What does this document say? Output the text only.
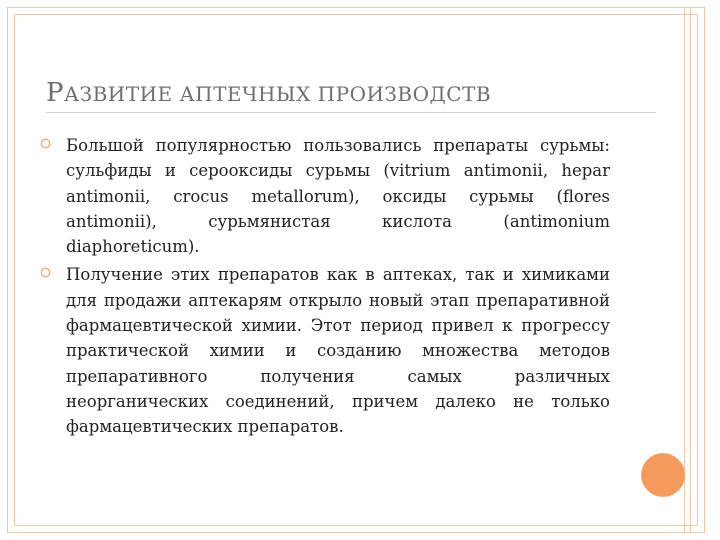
РАЗВИТИЕ АПТЕЧНЫХ ПРОИЗВОДСТВ
Большой популярностью пользовались препараты сурьмы: сульфиды и серооксиды сурьмы (vitrium antimonii, hepar antimonii, crocus metallorum), оксиды сурьмы (flores antimonii), сурьмянистая кислота (antimonium diaphoreticum).
Получение этих препаратов как в аптеках, так и химиками для продажи аптекарям открыло новый этап препаративной фармацевтической химии. Этот период привел к прогрессу практической химии и созданию множества методов препаративного получения самых различных неорганических соединений, причем далеко не только фармацевтических препаратов.
